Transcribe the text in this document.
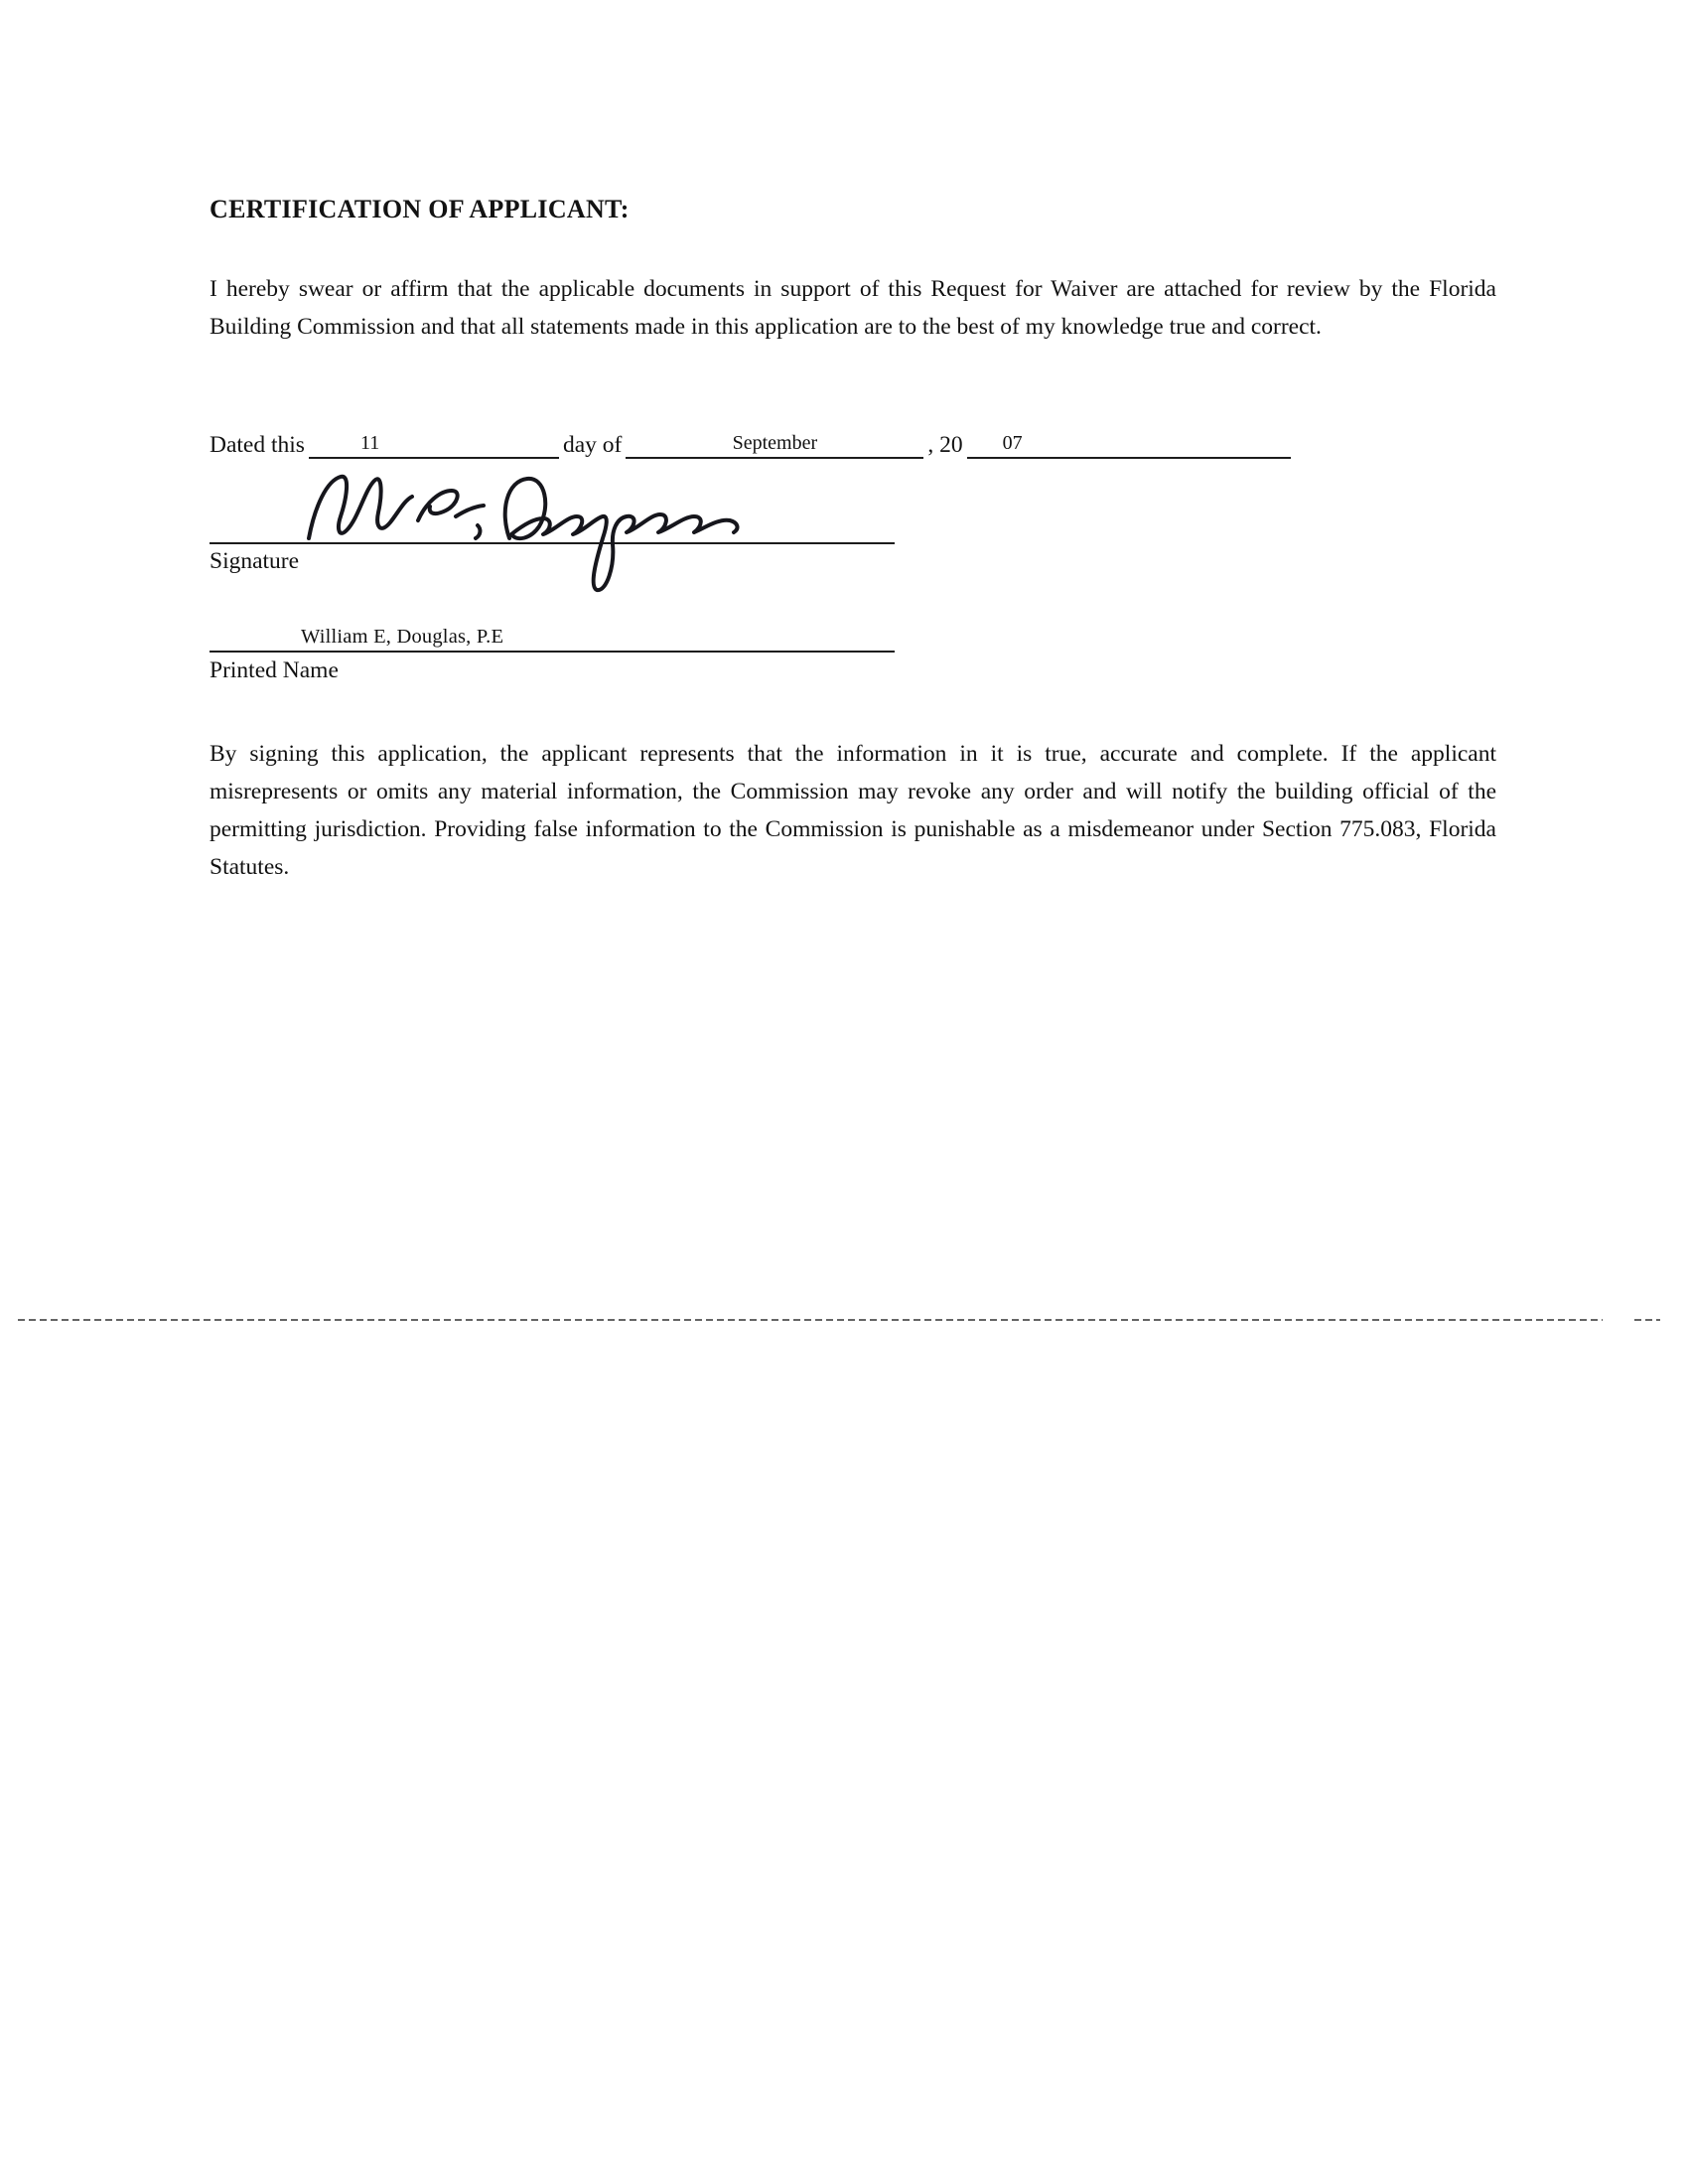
CERTIFICATION OF APPLICANT:

I hereby swear or affirm that the applicable documents in support of this Request for Waiver are attached for review by the Florida Building Commission and that all statements made in this application are to the best of my knowledge true and correct.

Dated this	11	day of	September	, 20 07
Signature
William E, Douglas, P.E
Printed Name

By signing this application, the applicant represents that the information in it is true, accurate and complete. If the applicant misrepresents or omits any material information, the Commission may revoke any order and will notify the building official of the permitting jurisdiction. Providing false information to the Commission is punishable as a misdemeanor under Section 775.083, Florida Statutes.
